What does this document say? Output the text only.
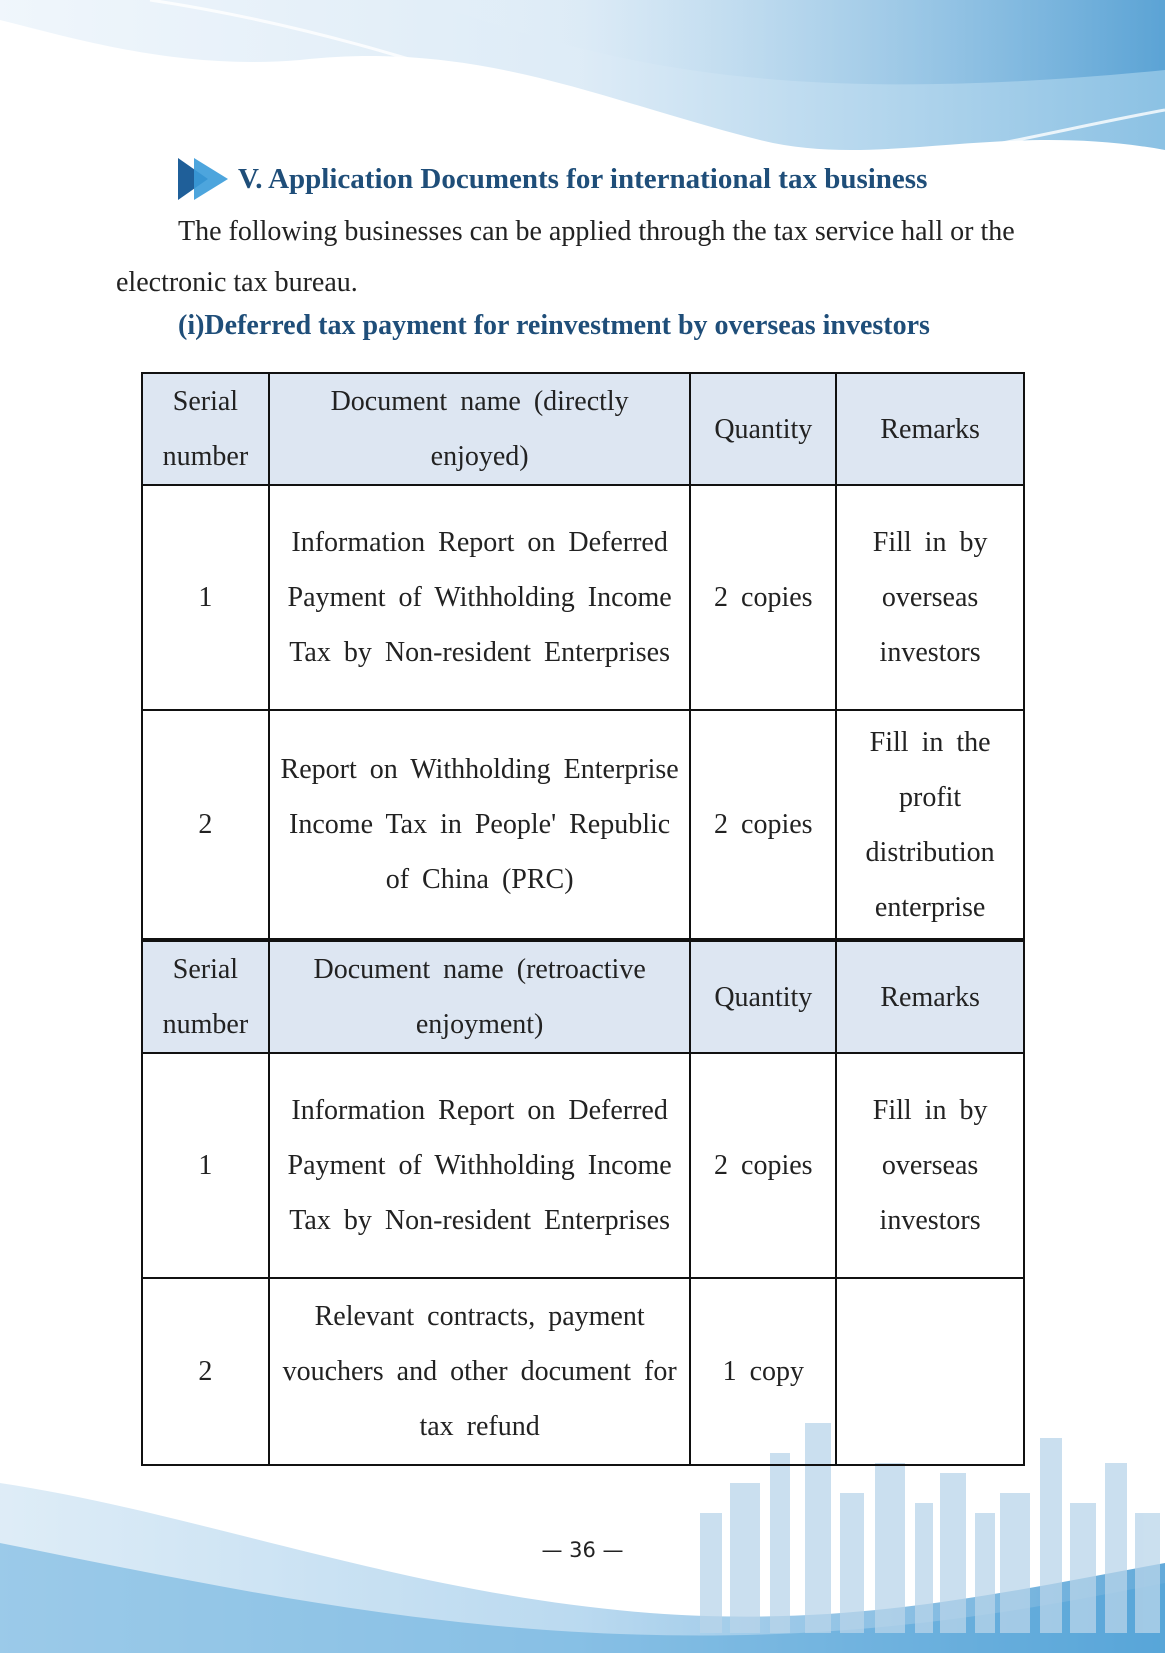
V. Application Documents for international tax business
The following businesses can be applied through the tax service hall or the electronic tax bureau.
(i)Deferred tax payment for reinvestment by overseas investors
Serial number	Document name (directly enjoyed)	Quantity	Remarks
1	Information Report on Deferred Payment of Withholding Income Tax by Non-resident Enterprises	2 copies	Fill in by overseas investors
2	Report on Withholding Enterprise Income Tax in People' Republic of China (PRC)	2 copies	Fill in the profit distribution enterprise
Serial number	Document name (retroactive enjoyment)	Quantity	Remarks
1	Information Report on Deferred Payment of Withholding Income Tax by Non-resident Enterprises	2 copies	Fill in by overseas investors
2	Relevant contracts, payment vouchers and other document for tax refund	1 copy	
— 36 —
